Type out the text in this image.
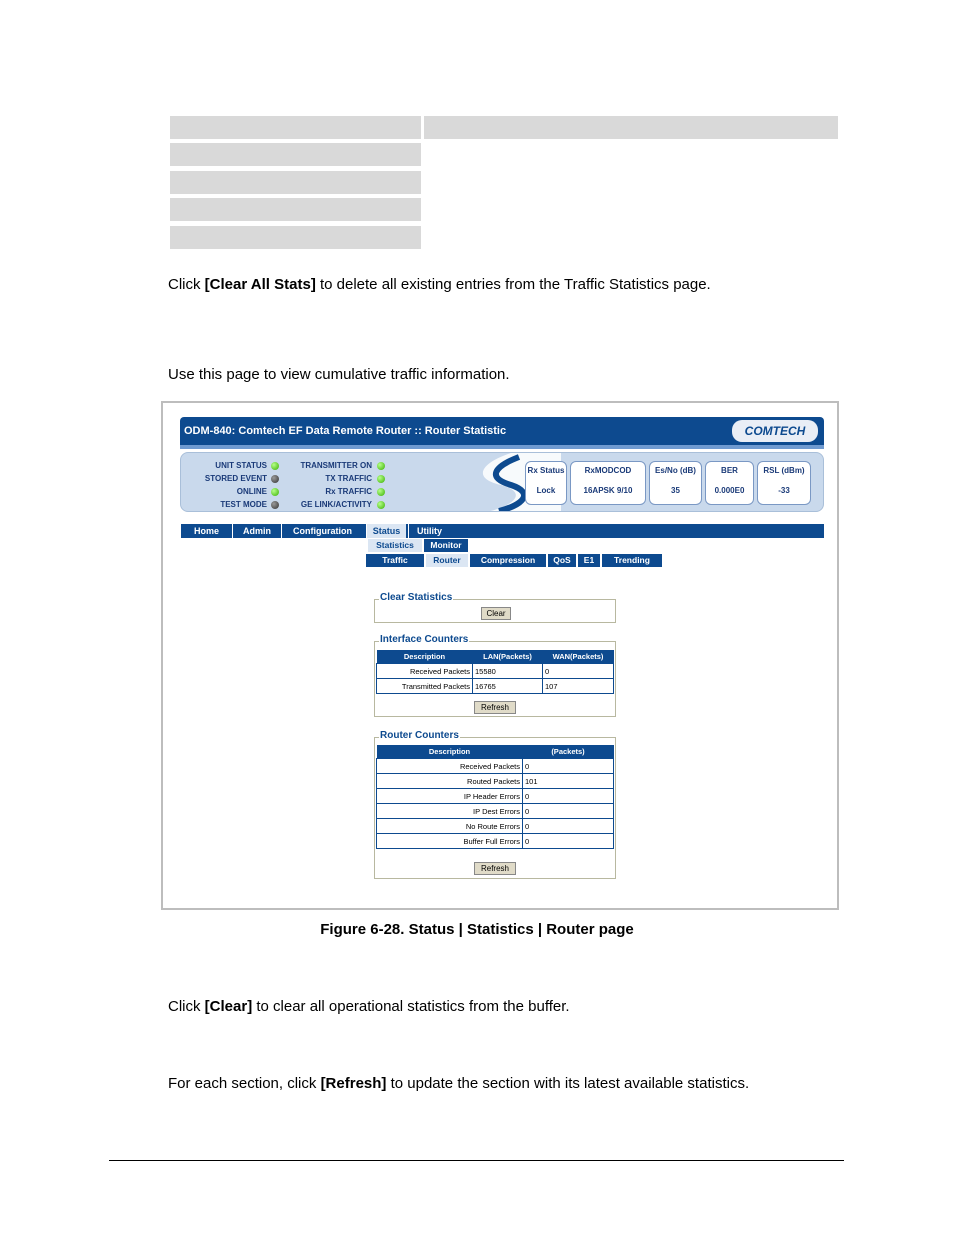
Click [Clear All Stats] to delete all existing entries from the Traffic Statistics page.
Use this page to view cumulative traffic information.
ODM-840: Comtech EF Data Remote Router :: Router Statistic	COMTECH
UNIT STATUS
STORED EVENT
ONLINE
TEST MODE
TRANSMITTER ON
TX TRAFFIC
Rx TRAFFIC
GE LINK/ACTIVITY
Rx Status
Lock
RxMODCOD
16APSK 9/10
Es/No (dB)
35
BER
0.000E0
RSL (dBm)
-33
Home	Admin	Configuration	Status	Utility
Statistics	Monitor
Traffic	Router	Compression	QoS	E1	Trending
Clear Statistics
Clear
Interface Counters
Description	LAN(Packets)	WAN(Packets)
Received Packets	15580	0
Transmitted Packets	16765	107
Refresh
Router Counters
Description	(Packets)
Received Packets	0
Routed Packets	101
IP Header Errors	0
IP Dest Errors	0
No Route Errors	0
Buffer Full Errors	0
Refresh
Figure 6-28. Status | Statistics | Router page
Click [Clear] to clear all operational statistics from the buffer.
For each section, click [Refresh] to update the section with its latest available statistics.
